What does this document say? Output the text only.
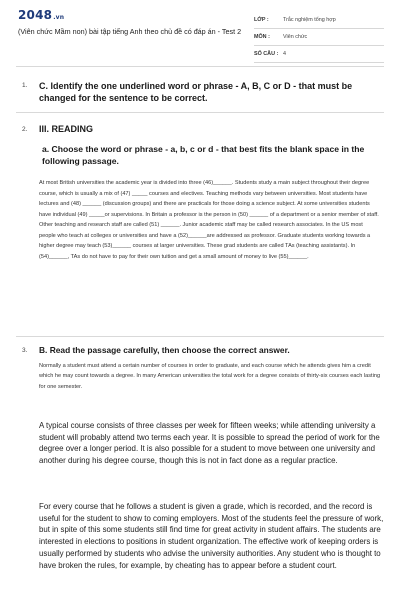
2048.vn
(Viên chức Mầm non) bài tập tiếng Anh theo chủ đề có đáp án - Test 2
LỚP :	Trắc nghiệm tổng hợp
MÔN : Viên chức
SỐ CÂU : 4
1. C. Identify the one underlined word or phrase - A, B, C or D - that must be changed for the sentence to be correct.
2. III. READING
a. Choose the word or phrase - a, b, c or d - that best fits the blank space in the following passage.
At most British universities the academic year is divided into three (46)______. Students study a main subject throughout their degree course, which is usually a mix of (47) _____ courses and electives. Teaching methods vary between universities. Most students have lectures and (48) ______ (discussion groups) and there are practicals for those doing a science subject. At some universities students have individual (49) _____or supervisions. In Britain a professor is the person in (50) ______ of a department or a senior member of staff. Other teaching and research staff are called (51) ______. Junior academic staff may be called research associates. In the US most people who teach at colleges or universities and have a (52)______are addressed as professor. Graduate students working towards a higher degree may teach (53)______ courses at larger universities. These grad students are called TAs (teaching assistants). In (54)______, TAs do not have to pay for their own tuition and get a small amount of money to live (55)______.
3. B. Read the passage carefully, then choose the correct answer.
Normally a student must attend a certain number of courses in order to graduate, and each course which he attends gives him a credit which he may count towards a degree. In many American universities the total work for a degree consists of thirty-six courses each lasting for one semester.
A typical course consists of three classes per week for fifteen weeks; while attending university a student will probably attend two terms each year. It is possible to spread the period of work for the degree over a longer period. It is also possible for a student to move between one university and another during his degree course, though this is not in fact done as a regular practice.
For every course that he follows a student is given a grade, which is recorded, and the record is useful for the student to show to coming employers. Most of the students feel the pressure of work, but in spite of this some students still find time for great activity in student affairs. The students are interested in elections to positions in student organization. The effective work of keeping orders is usually performed by students who advise the university authorities. Any student who is thought to have broken the rules, for example, by cheating has to appear before a student court.
